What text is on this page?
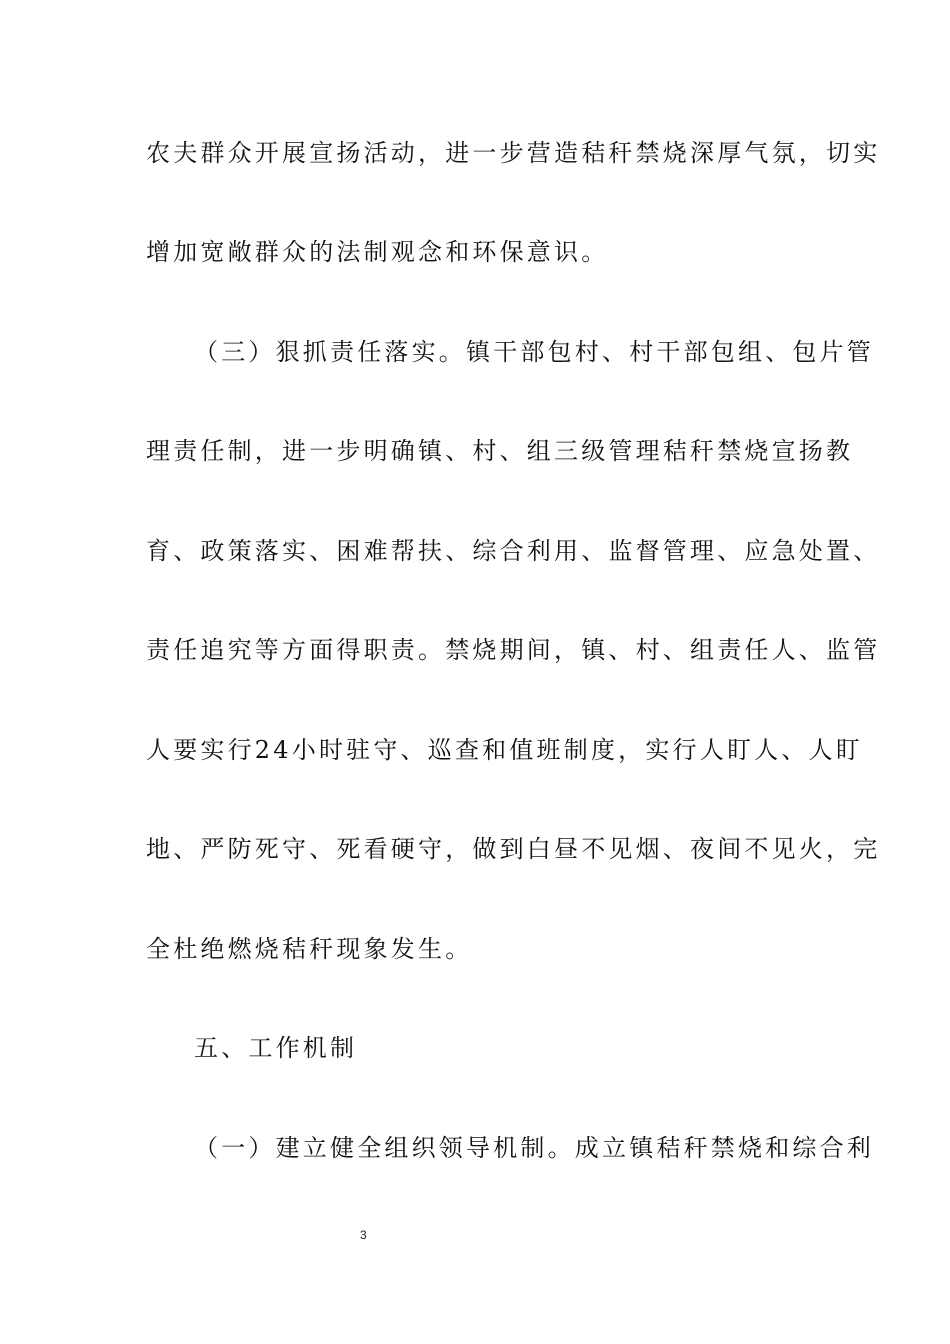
农夫群众开展宣扬活动，进一步营造秸秆禁烧深厚气氛，切实
增加宽敞群众的法制观念和环保意识。
（三）狠抓责任落实。镇干部包村、村干部包组、包片管
理责任制，进一步明确镇、村、组三级管理秸秆禁烧宣扬教
育、政策落实、困难帮扶、综合利用、监督管理、应急处置、
责任追究等方面得职责。禁烧期间，镇、村、组责任人、监管
人要实行24小时驻守、巡查和值班制度，实行人盯人、人盯
地、严防死守、死看硬守，做到白昼不见烟、夜间不见火，完
全杜绝燃烧秸秆现象发生。
五、工作机制
（一）建立健全组织领导机制。成立镇秸秆禁烧和综合利
3
